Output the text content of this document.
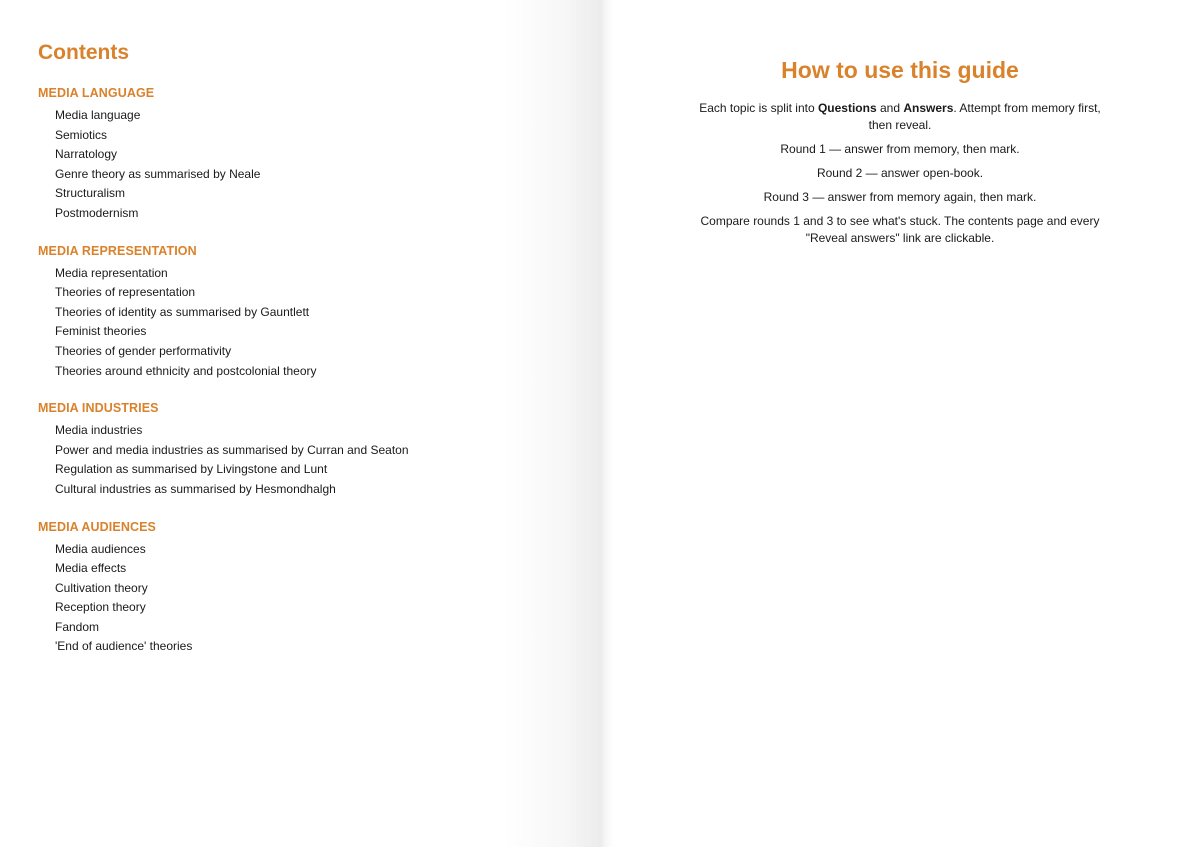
Contents
MEDIA LANGUAGE
Media language
Semiotics
Narratology
Genre theory as summarised by Neale
Structuralism
Postmodernism
MEDIA REPRESENTATION
Media representation
Theories of representation
Theories of identity as summarised by Gauntlett
Feminist theories
Theories of gender performativity
Theories around ethnicity and postcolonial theory
MEDIA INDUSTRIES
Media industries
Power and media industries as summarised by Curran and Seaton
Regulation as summarised by Livingstone and Lunt
Cultural industries as summarised by Hesmondhalgh
MEDIA AUDIENCES
Media audiences
Media effects
Cultivation theory
Reception theory
Fandom
'End of audience' theories
How to use this guide

Each topic is split into Questions and Answers. Attempt from memory first, then reveal.

Round 1 — answer from memory, then mark.

Round 2 — answer open-book.

Round 3 — answer from memory again, then mark.

Compare rounds 1 and 3 to see what's stuck. The contents page and every "Reveal answers" link are clickable.
